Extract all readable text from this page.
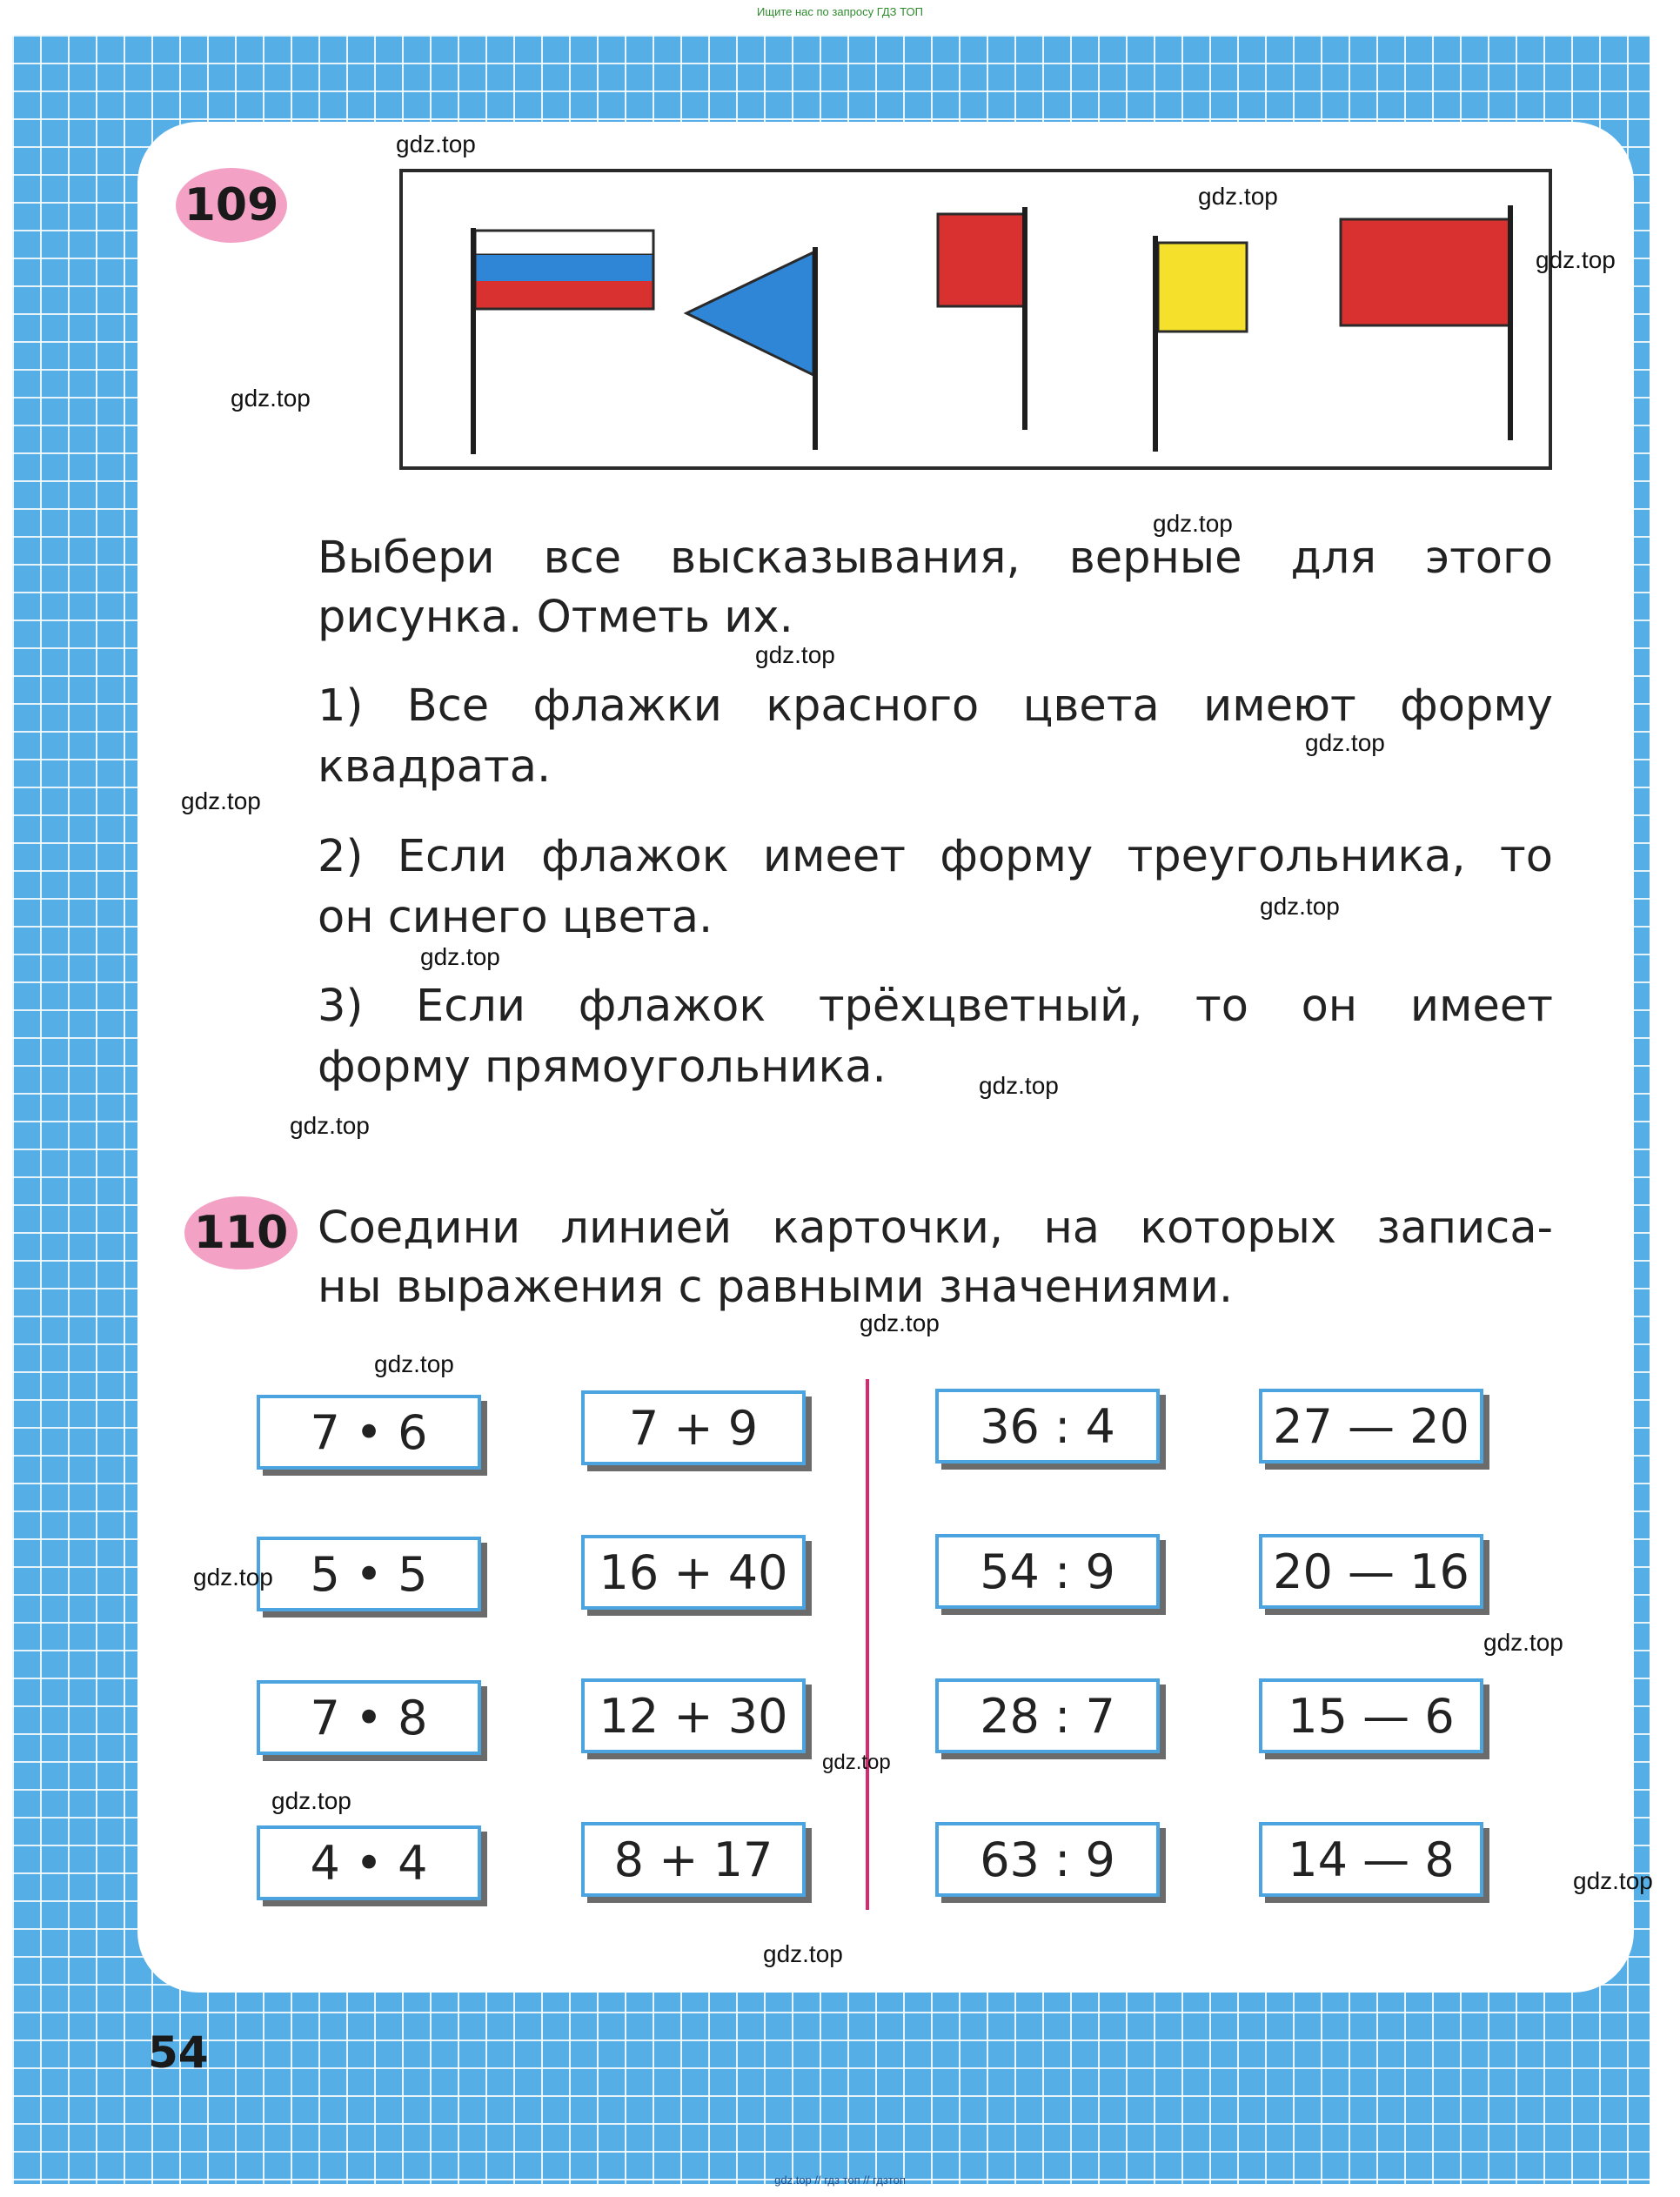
Ищите нас по запросу ГДЗ ТОП
109
Выбери все высказывания, верные для этого
рисунка. Отметь их.
1) Все флажки красного цвета имеют форму
квадрата.
2) Если флажок имеет форму треугольника, то
он синего цвета.
3) Если флажок трёхцветный, то он имеет
форму прямоугольника.
110 Соедини линией карточки, на которых записа-
ны выражения с равными значениями.
7 • 6	7 + 9	36 : 4	27 — 20
5 • 5	16 + 40	54 : 9	20 — 16
7 • 8	12 + 30	28 : 7	15 — 6
4 • 4	8 + 17	63 : 9	14 — 8
54
gdz.top
gdz.top
gdz.top
gdz.top
gdz.top
gdz.top
gdz.top
gdz.top
gdz.top
gdz.top
gdz.top
gdz.top
gdz.top
gdz.top
gdz.top
gdz.top
gdz.top
gdz.top
gdz.top
gdz.top
gdz.top // гдз топ // гдзтоп
